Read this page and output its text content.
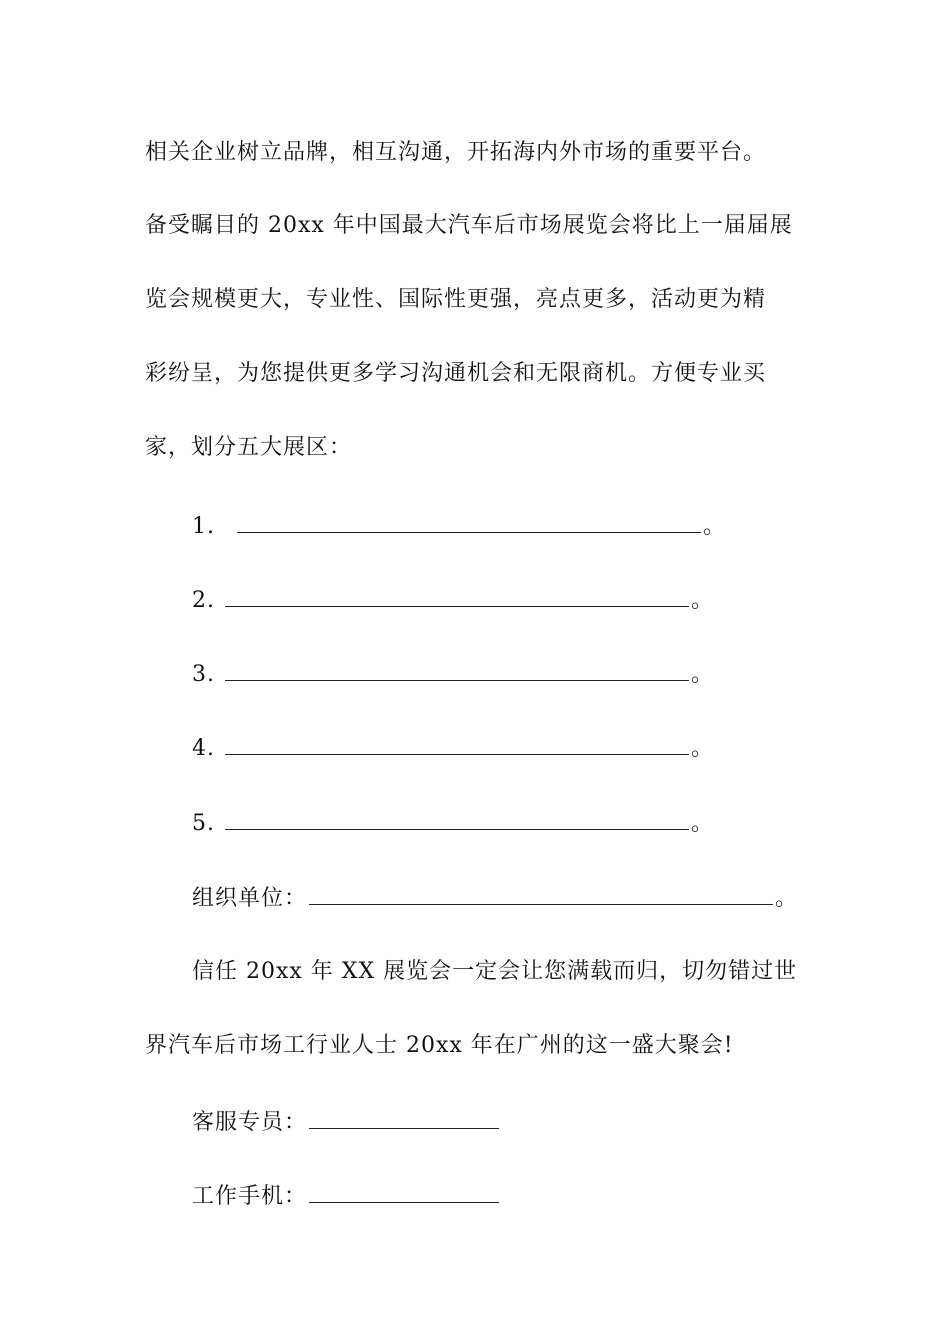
相关企业树立品牌，相互沟通，开拓海内外市场的重要平台。
备受瞩目的 20xx 年中国最大汽车后市场展览会将比上一届届展
览会规模更大，专业性、国际性更强，亮点更多，活动更为精
彩纷呈，为您提供更多学习沟通机会和无限商机。方便专业买
家，划分五大展区：
1.	。
2.	。
3.	。
4.	。
5.	。
组织单位：	。
信任 20xx 年 XX 展览会一定会让您满载而归，切勿错过世
界汽车后市场工行业人士 20xx 年在广州的这一盛大聚会!
客服专员：
工作手机：
